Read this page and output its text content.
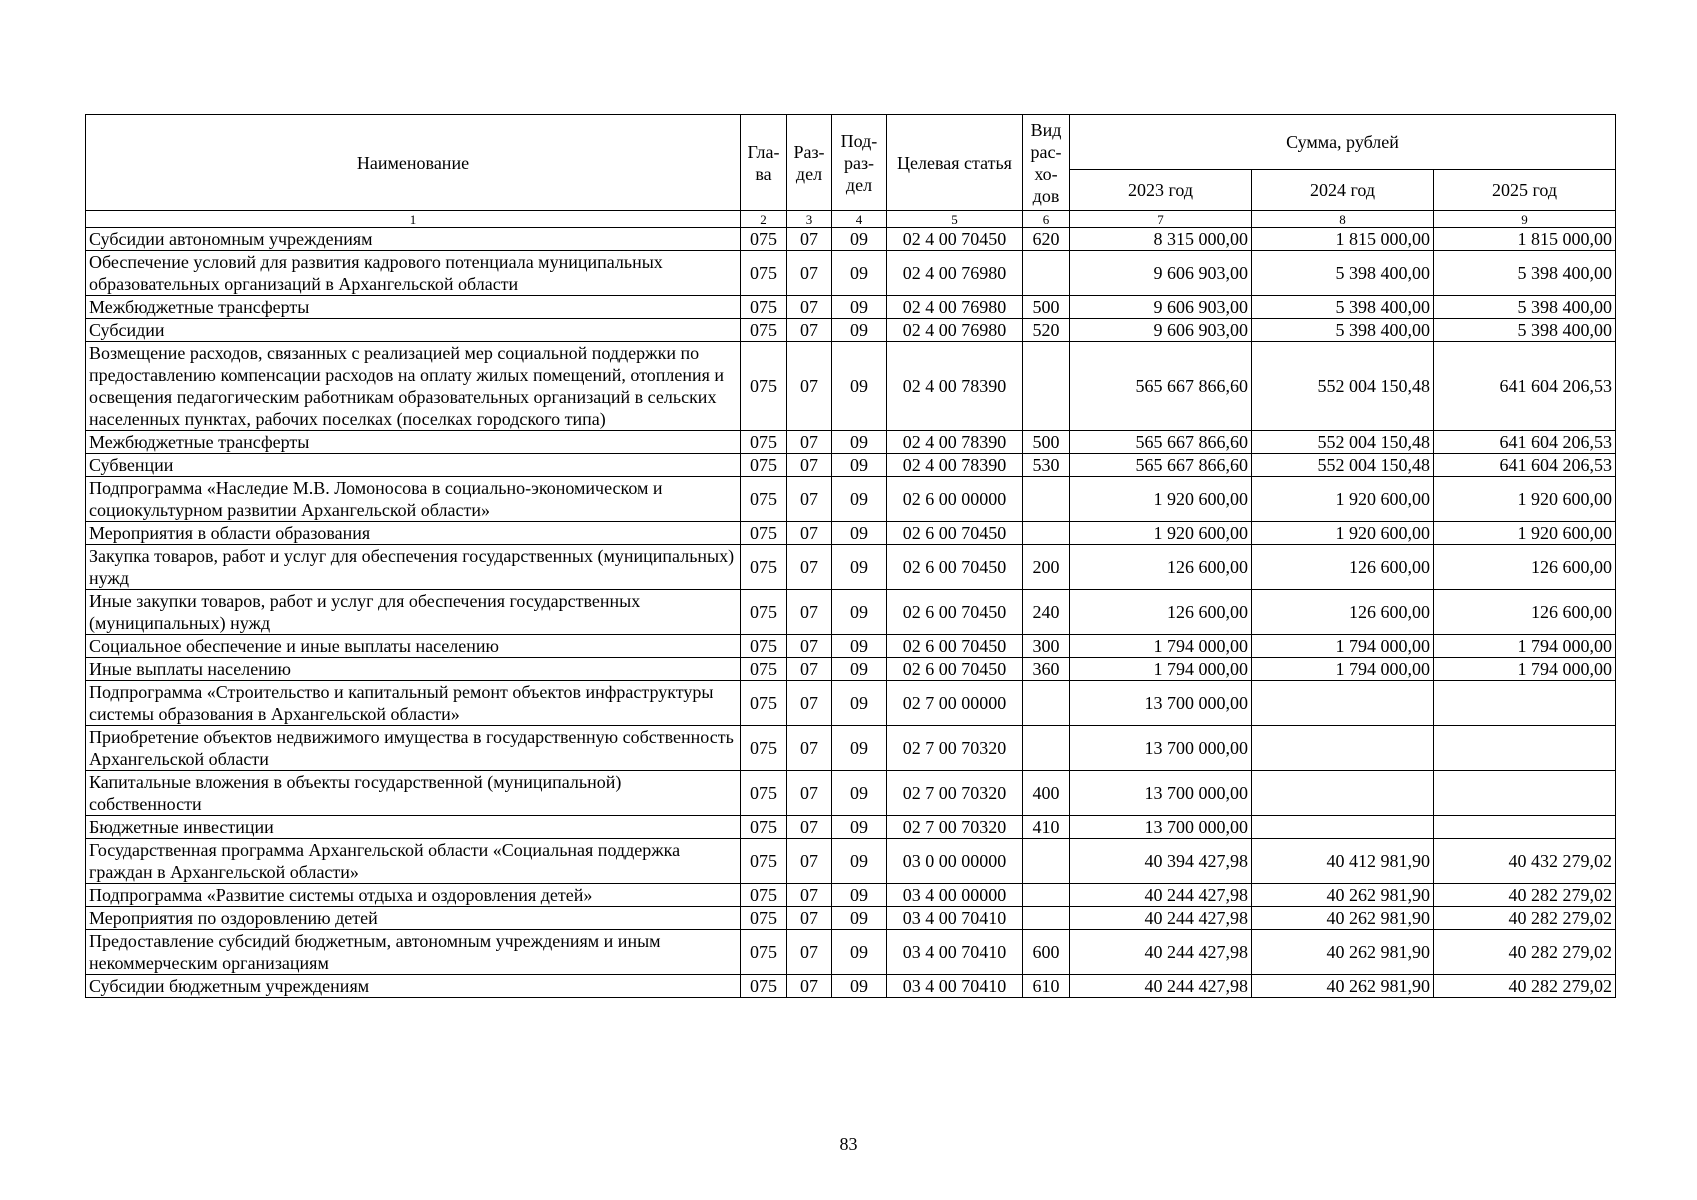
Наименование	Гла-ва	Раз-дел	Под-раз-дел	Целевая статья	Вид рас-хо-дов	Сумма, рублей		
						2023 год	2024 год	2025 год
1	2	3	4	5	6	7	8	9
Субсидии автономным учреждениям	075	07	09	02 4 00 70450	620	8 315 000,00	1 815 000,00	1 815 000,00
Обеспечение условий для развития кадрового потенциала муниципальных образовательных организаций в Архангельской области	075	07	09	02 4 00 76980		9 606 903,00	5 398 400,00	5 398 400,00
Межбюджетные трансферты	075	07	09	02 4 00 76980	500	9 606 903,00	5 398 400,00	5 398 400,00
Субсидии	075	07	09	02 4 00 76980	520	9 606 903,00	5 398 400,00	5 398 400,00
Возмещение расходов, связанных с реализацией мер социальной поддержки по предоставлению компенсации расходов на оплату жилых помещений, отопления и освещения педагогическим работникам образовательных организаций в сельских населенных пунктах, рабочих поселках (поселках городского типа)	075	07	09	02 4 00 78390		565 667 866,60	552 004 150,48	641 604 206,53
Межбюджетные трансферты	075	07	09	02 4 00 78390	500	565 667 866,60	552 004 150,48	641 604 206,53
Субвенции	075	07	09	02 4 00 78390	530	565 667 866,60	552 004 150,48	641 604 206,53
Подпрограмма «Наследие М.В. Ломоносова в социально-экономическом и социокультурном развитии Архангельской области»	075	07	09	02 6 00 00000		1 920 600,00	1 920 600,00	1 920 600,00
Мероприятия в области образования	075	07	09	02 6 00 70450		1 920 600,00	1 920 600,00	1 920 600,00
Закупка товаров, работ и услуг для обеспечения государственных (муниципальных) нужд	075	07	09	02 6 00 70450	200	126 600,00	126 600,00	126 600,00
Иные закупки товаров, работ и услуг для обеспечения государственных (муниципальных) нужд	075	07	09	02 6 00 70450	240	126 600,00	126 600,00	126 600,00
Социальное обеспечение и иные выплаты населению	075	07	09	02 6 00 70450	300	1 794 000,00	1 794 000,00	1 794 000,00
Иные выплаты населению	075	07	09	02 6 00 70450	360	1 794 000,00	1 794 000,00	1 794 000,00
Подпрограмма «Строительство и капитальный ремонт объектов инфраструктуры системы образования в Архангельской области»	075	07	09	02 7 00 00000		13 700 000,00		
Приобретение объектов недвижимого имущества в государственную собственность Архангельской области	075	07	09	02 7 00 70320		13 700 000,00		
Капитальные вложения в объекты государственной (муниципальной) собственности	075	07	09	02 7 00 70320	400	13 700 000,00		
Бюджетные инвестиции	075	07	09	02 7 00 70320	410	13 700 000,00		
Государственная программа Архангельской области «Социальная поддержка граждан в Архангельской области»	075	07	09	03 0 00 00000		40 394 427,98	40 412 981,90	40 432 279,02
Подпрограмма «Развитие системы отдыха и оздоровления детей»	075	07	09	03 4 00 00000		40 244 427,98	40 262 981,90	40 282 279,02
Мероприятия по оздоровлению детей	075	07	09	03 4 00 70410		40 244 427,98	40 262 981,90	40 282 279,02
Предоставление субсидий бюджетным, автономным учреждениям и иным некоммерческим организациям	075	07	09	03 4 00 70410	600	40 244 427,98	40 262 981,90	40 282 279,02
Субсидии бюджетным учреждениям	075	07	09	03 4 00 70410	610	40 244 427,98	40 262 981,90	40 282 279,02
83
